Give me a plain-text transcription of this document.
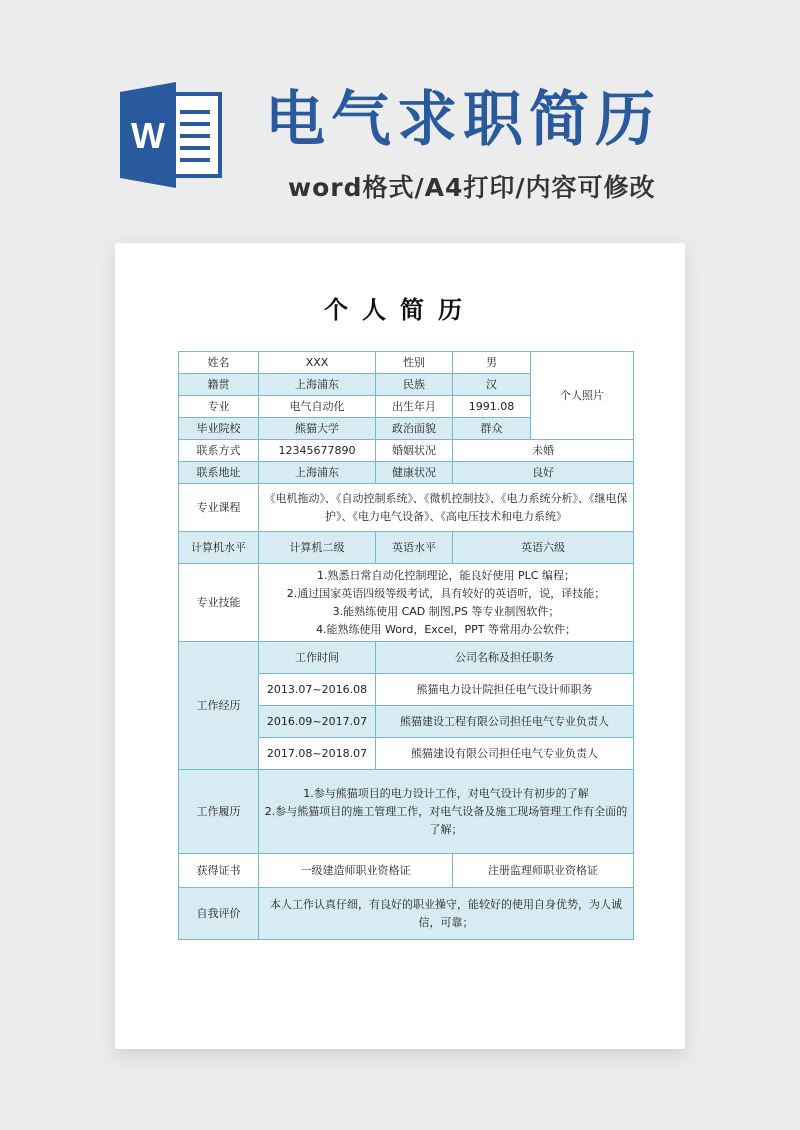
W 电气求职简历
word格式/A4打印/内容可修改
个人简历
姓名	XXX	性别	男	个人照片
籍贯	上海浦东	民族	汉	
专业	电气自动化	出生年月	1991.08	
毕业院校	熊猫大学	政治面貌	群众	
联系方式	12345677890	婚姻状况	未婚	
联系地址	上海浦东	健康状况	良好	
专业课程	《电机拖动》、《自动控制系统》、《微机控制技》、《电力系统分析》、《继电保护》、《电力电气设备》、《高电压技术和电力系统》			
计算机水平	计算机二级	英语水平	英语六级	
专业技能	1.熟悉日常自动化控制理论，能良好使用 PLC 编程；
2.通过国家英语四级等级考试，具有较好的英语听，说，译技能；
3.能熟练使用 CAD 制图,PS 等专业制图软件；
4.能熟练使用 Word，Excel，PPT 等常用办公软件；			

工作经历	工作时间	公司名称及担任职务		
	2013.07~2016.08	熊猫电力设计院担任电气设计师职务		
	2016.09~2017.07	熊猫建设工程有限公司担任电气专业负责人		
	2017.08~2018.07	熊猫建设有限公司担任电气专业负责人		
工作履历	1.参与熊猫项目的电力设计工作，对电气设计有初步的了解
2.参与熊猫项目的施工管理工作，对电气设备及施工现场管理工作有全面的了解；			

获得证书	一级建造师职业资格证		注册监理师职业资格证	
自我评价	本人工作认真仔细，有良好的职业操守，能较好的使用自身优势，为人诚信，可靠；			
